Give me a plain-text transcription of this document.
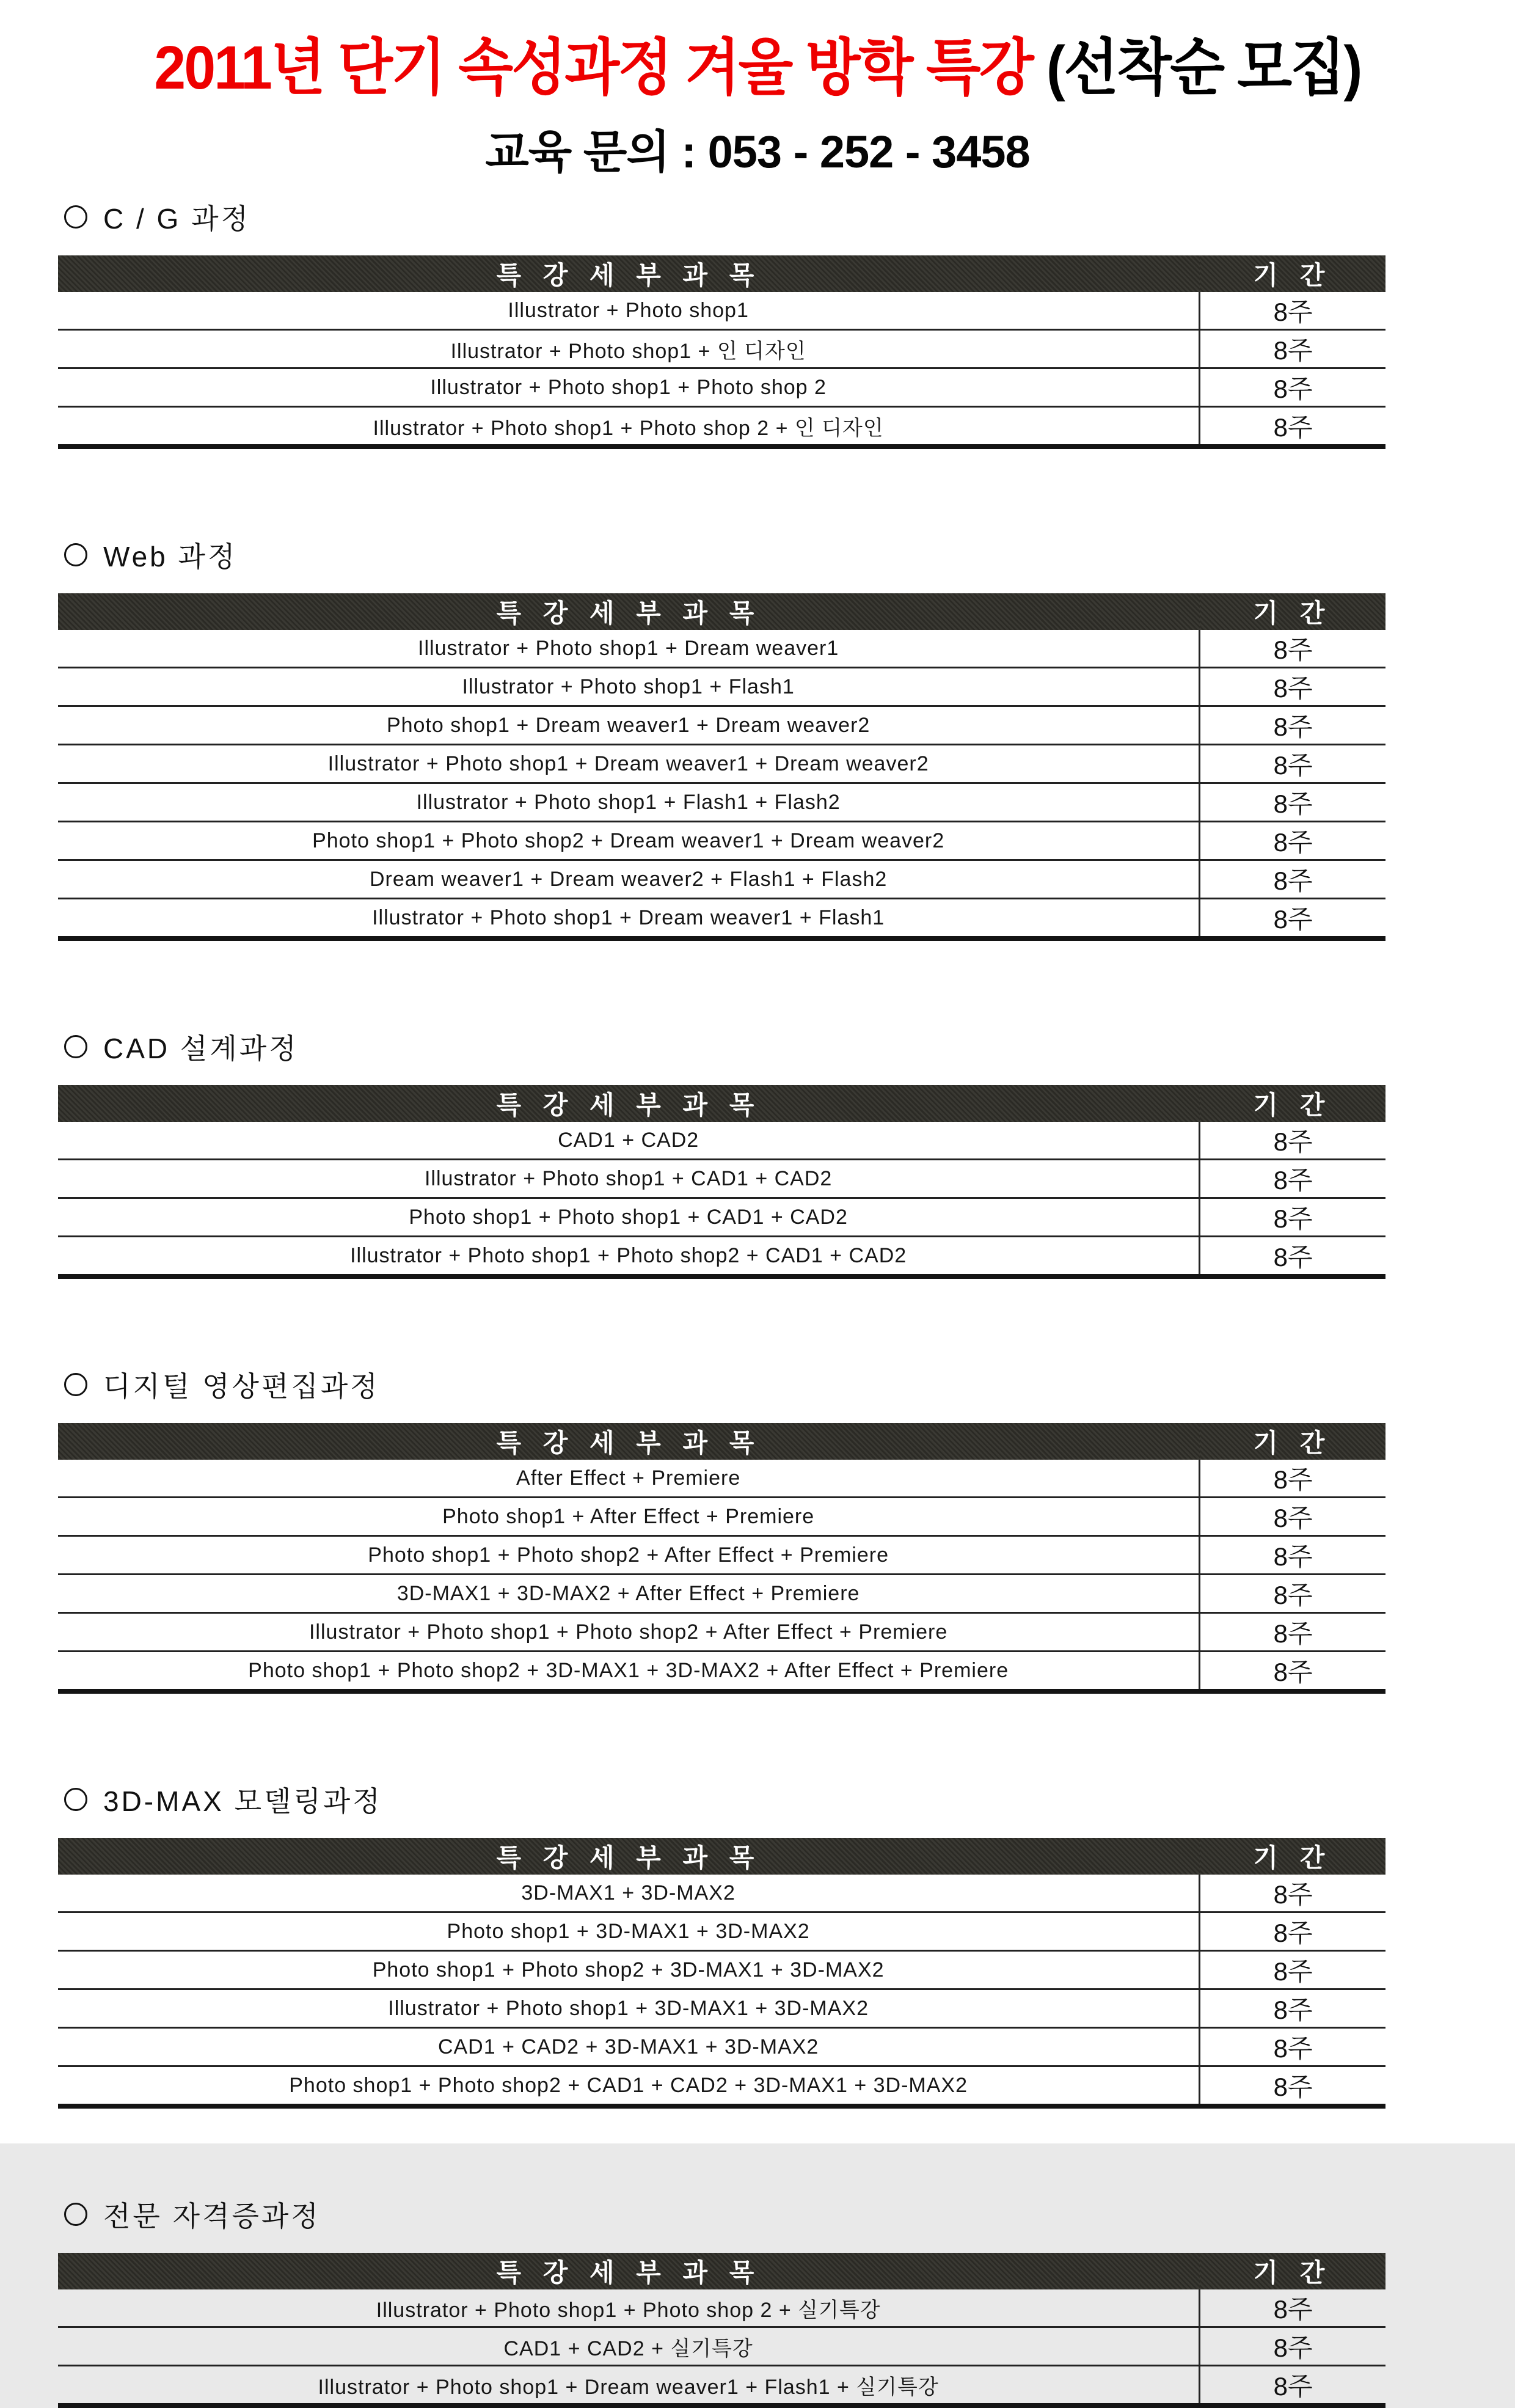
2011년 단기 속성과정 겨울 방학 특강 (선착순 모집)
교육 문의 : 053 - 252 - 3458
C / G 과정
특 강 세 부 과 목	기 간
Illustrator + Photo shop1	8주
Illustrator + Photo shop1 + 인 디자인	8주
Illustrator + Photo shop1 + Photo shop 2	8주
Illustrator + Photo shop1 + Photo shop 2 + 인 디자인	8주
Web 과정
특 강 세 부 과 목	기 간
Illustrator + Photo shop1 + Dream weaver1	8주
Illustrator + Photo shop1 + Flash1	8주
Photo shop1 + Dream weaver1 + Dream weaver2	8주
Illustrator + Photo shop1 + Dream weaver1 + Dream weaver2	8주
Illustrator + Photo shop1 + Flash1 + Flash2	8주
Photo shop1 + Photo shop2 + Dream weaver1 + Dream weaver2	8주
Dream weaver1 + Dream weaver2 + Flash1 + Flash2	8주
Illustrator + Photo shop1 + Dream weaver1 + Flash1	8주
CAD 설계과정
특 강 세 부 과 목	기 간
CAD1 + CAD2	8주
Illustrator + Photo shop1 + CAD1 + CAD2	8주
Photo shop1 + Photo shop1 + CAD1 + CAD2	8주
Illustrator + Photo shop1 + Photo shop2 + CAD1 + CAD2	8주
디지털 영상편집과정
특 강 세 부 과 목	기 간
After Effect + Premiere	8주
Photo shop1 + After Effect + Premiere	8주
Photo shop1 + Photo shop2 + After Effect + Premiere	8주
3D-MAX1 + 3D-MAX2 + After Effect + Premiere	8주
Illustrator + Photo shop1 + Photo shop2 + After Effect + Premiere	8주
Photo shop1 + Photo shop2 + 3D-MAX1 + 3D-MAX2 + After Effect + Premiere	8주
3D-MAX 모델링과정
특 강 세 부 과 목	기 간
3D-MAX1 + 3D-MAX2	8주
Photo shop1 + 3D-MAX1 + 3D-MAX2	8주
Photo shop1 + Photo shop2 + 3D-MAX1 + 3D-MAX2	8주
Illustrator + Photo shop1 + 3D-MAX1 + 3D-MAX2	8주
CAD1 + CAD2 + 3D-MAX1 + 3D-MAX2	8주
Photo shop1 + Photo shop2 + CAD1 + CAD2 + 3D-MAX1 + 3D-MAX2	8주
전문 자격증과정
특 강 세 부 과 목	기 간
Illustrator + Photo shop1 + Photo shop 2 + 실기특강	8주
CAD1 + CAD2 + 실기특강	8주
Illustrator + Photo shop1 + Dream weaver1 + Flash1 + 실기특강	8주
